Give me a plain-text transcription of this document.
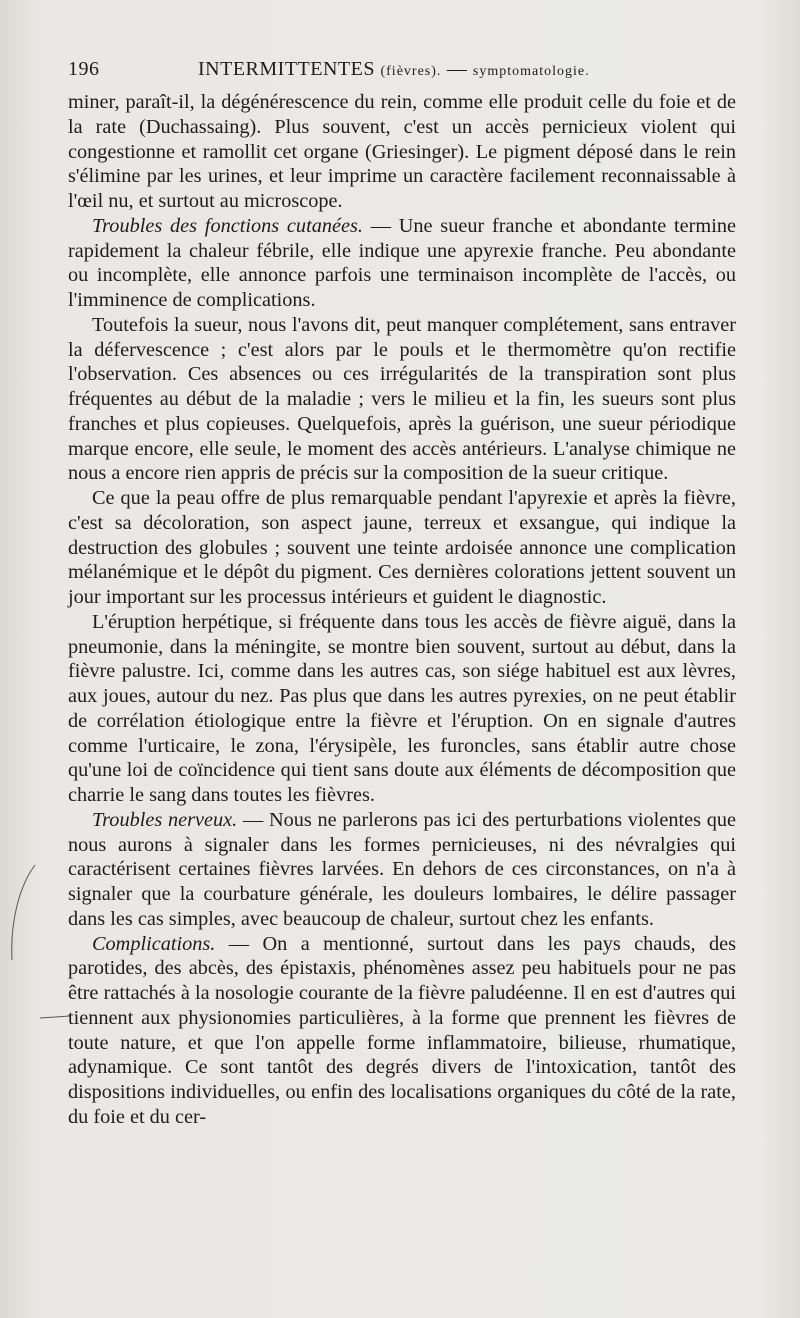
196	INTERMITTENTES (fièvres). — symptomatologie.

miner, paraît-il, la dégénérescence du rein, comme elle produit celle du foie et de la rate (Duchassaing). Plus souvent, c'est un accès pernicieux violent qui congestionne et ramollit cet organe (Griesinger). Le pigment déposé dans le rein s'élimine par les urines, et leur imprime un caractère facilement reconnaissable à l'œil nu, et surtout au microscope.

Troubles des fonctions cutanées. — Une sueur franche et abondante termine rapidement la chaleur fébrile, elle indique une apyrexie franche. Peu abondante ou incomplète, elle annonce parfois une terminaison incomplète de l'accès, ou l'imminence de complications.

Toutefois la sueur, nous l'avons dit, peut manquer complétement, sans entraver la défervescence ; c'est alors par le pouls et le thermomètre qu'on rectifie l'observation. Ces absences ou ces irrégularités de la transpiration sont plus fréquentes au début de la maladie ; vers le milieu et la fin, les sueurs sont plus franches et plus copieuses. Quelquefois, après la guérison, une sueur périodique marque encore, elle seule, le moment des accès antérieurs. L'analyse chimique ne nous a encore rien appris de précis sur la composition de la sueur critique.

Ce que la peau offre de plus remarquable pendant l'apyrexie et après la fièvre, c'est sa décoloration, son aspect jaune, terreux et exsangue, qui indique la destruction des globules ; souvent une teinte ardoisée annonce une complication mélanémique et le dépôt du pigment. Ces dernières colorations jettent souvent un jour important sur les processus intérieurs et guident le diagnostic.

L'éruption herpétique, si fréquente dans tous les accès de fièvre aiguë, dans la pneumonie, dans la méningite, se montre bien souvent, surtout au début, dans la fièvre palustre. Ici, comme dans les autres cas, son siége habituel est aux lèvres, aux joues, autour du nez. Pas plus que dans les autres pyrexies, on ne peut établir de corrélation étiologique entre la fièvre et l'éruption. On en signale d'autres comme l'urticaire, le zona, l'érysipèle, les furoncles, sans établir autre chose qu'une loi de coïncidence qui tient sans doute aux éléments de décomposition que charrie le sang dans toutes les fièvres.

Troubles nerveux. — Nous ne parlerons pas ici des perturbations violentes que nous aurons à signaler dans les formes pernicieuses, ni des névralgies qui caractérisent certaines fièvres larvées. En dehors de ces circonstances, on n'a à signaler que la courbature générale, les douleurs lombaires, le délire passager dans les cas simples, avec beaucoup de chaleur, surtout chez les enfants.

Complications. — On a mentionné, surtout dans les pays chauds, des parotides, des abcès, des épistaxis, phénomènes assez peu habituels pour ne pas être rattachés à la nosologie courante de la fièvre paludéenne. Il en est d'autres qui tiennent aux physionomies particulières, à la forme que prennent les fièvres de toute nature, et que l'on appelle forme inflammatoire, bilieuse, rhumatique, adynamique. Ce sont tantôt des degrés divers de l'intoxication, tantôt des dispositions individuelles, ou enfin des localisations organiques du côté de la rate, du foie et du cer-
